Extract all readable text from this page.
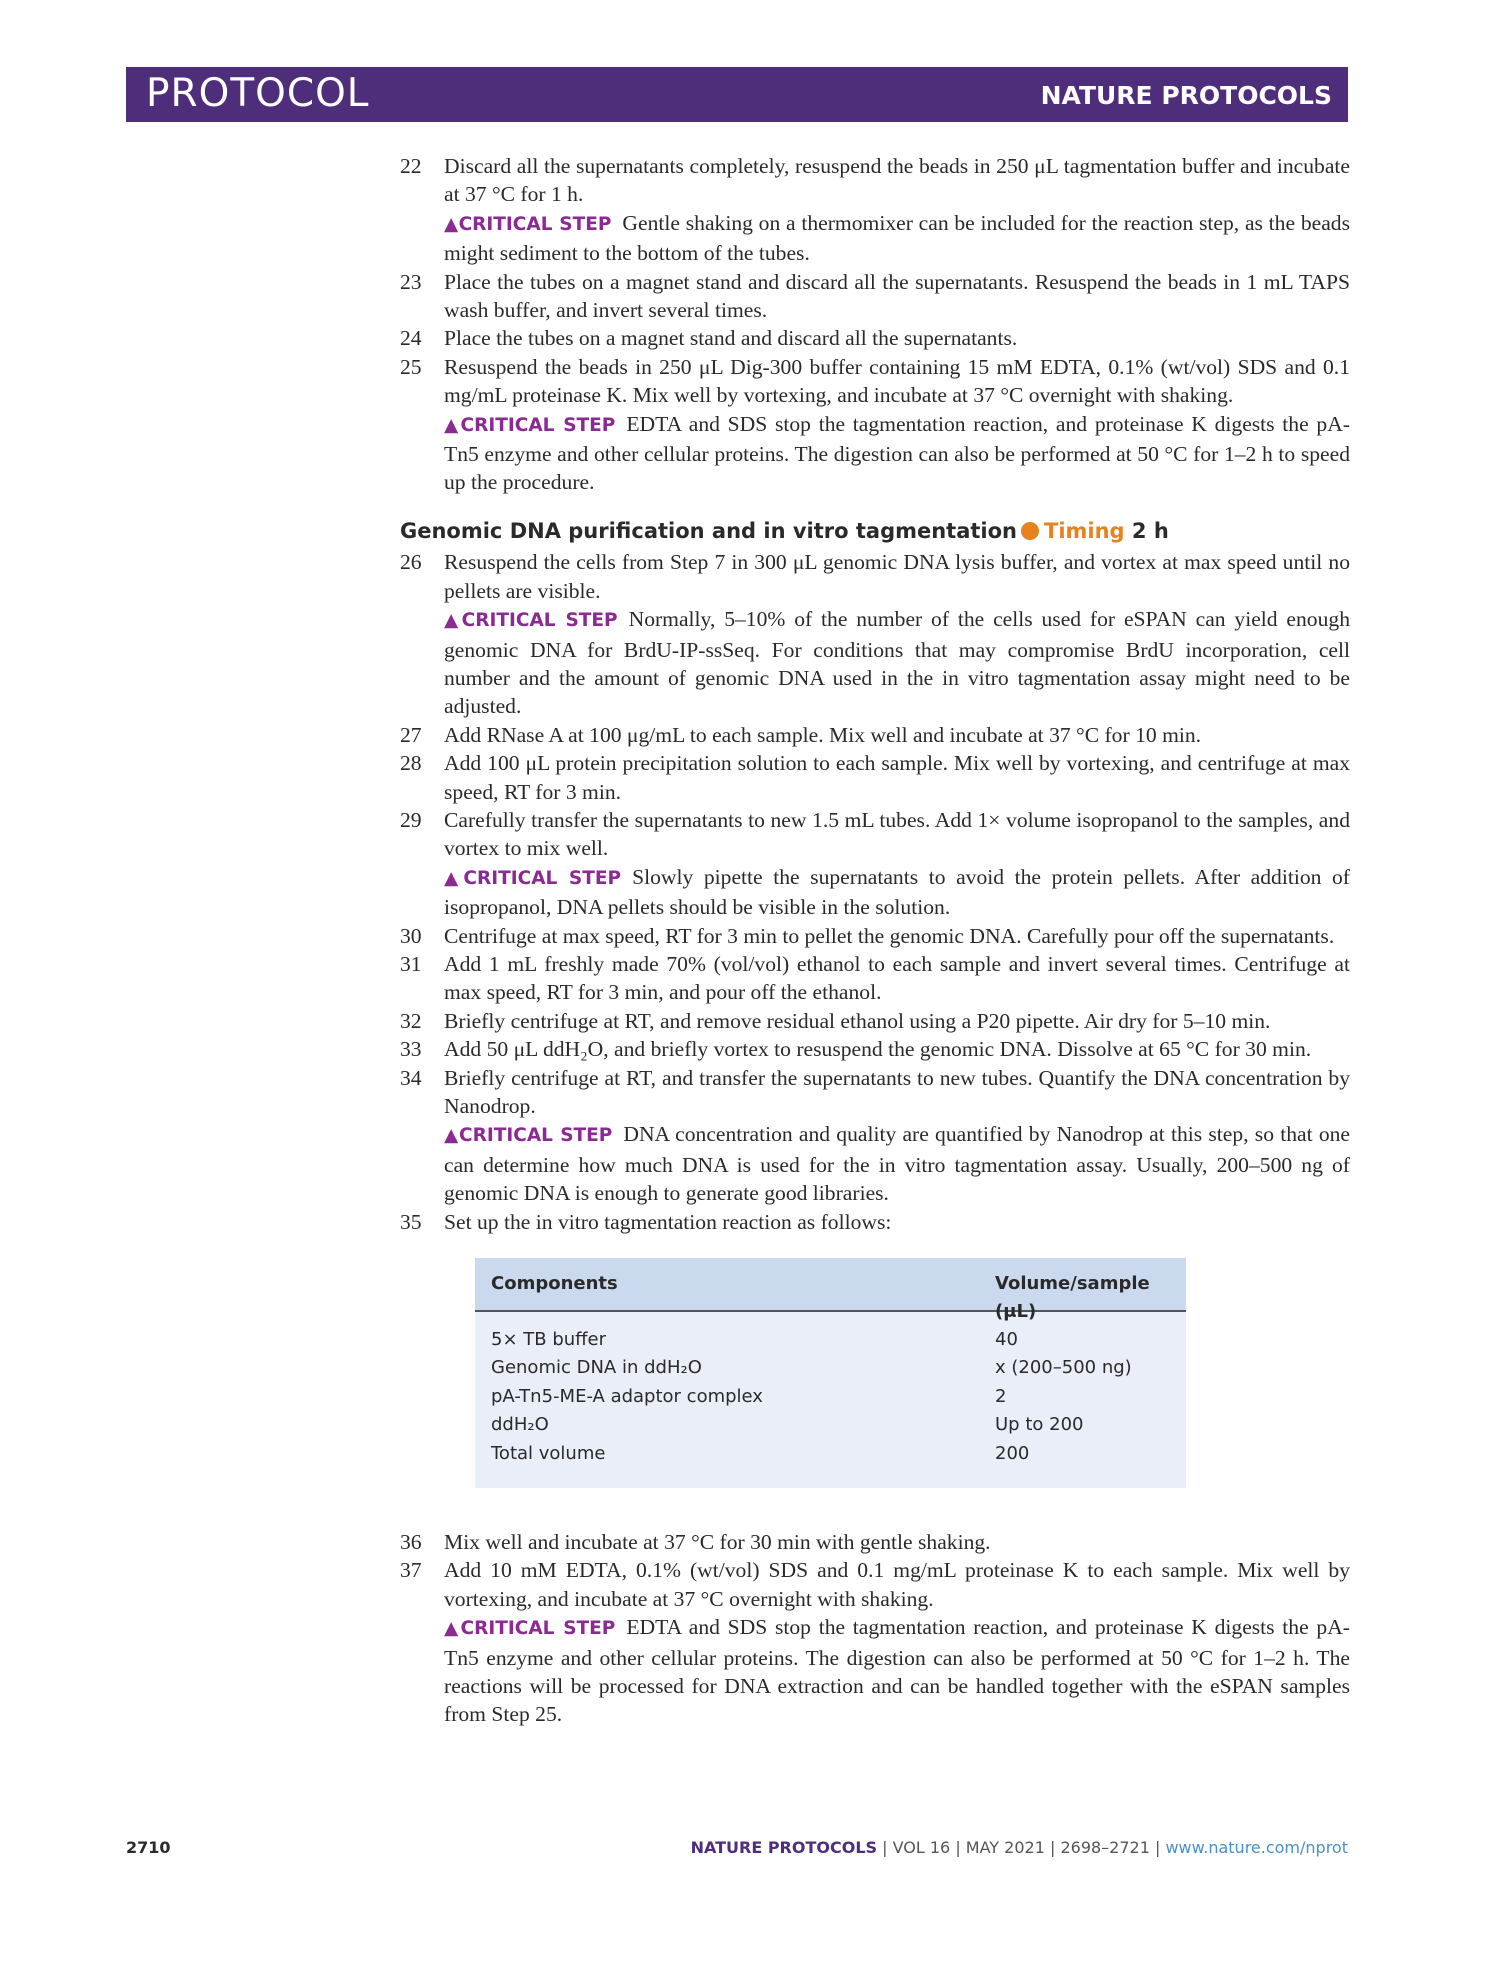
PROTOCOL	NATURE PROTOCOLS
22 Discard all the supernatants completely, resuspend the beads in 250 μL tagmentation buffer and incubate at 37 °C for 1 h.
▲CRITICAL STEP Gentle shaking on a thermomixer can be included for the reaction step, as the beads might sediment to the bottom of the tubes.
23 Place the tubes on a magnet stand and discard all the supernatants. Resuspend the beads in 1 mL TAPS wash buffer, and invert several times.
24 Place the tubes on a magnet stand and discard all the supernatants.
25 Resuspend the beads in 250 μL Dig-300 buffer containing 15 mM EDTA, 0.1% (wt/vol) SDS and 0.1 mg/mL proteinase K. Mix well by vortexing, and incubate at 37 °C overnight with shaking.
▲CRITICAL STEP EDTA and SDS stop the tagmentation reaction, and proteinase K digests the pA-Tn5 enzyme and other cellular proteins. The digestion can also be performed at 50 °C for 1–2 h to speed up the procedure.
Genomic DNA purification and in vitro tagmentation Timing 2 h
26 Resuspend the cells from Step 7 in 300 μL genomic DNA lysis buffer, and vortex at max speed until no pellets are visible.
▲CRITICAL STEP Normally, 5–10% of the number of the cells used for eSPAN can yield enough genomic DNA for BrdU-IP-ssSeq. For conditions that may compromise BrdU incorporation, cell number and the amount of genomic DNA used in the in vitro tagmentation assay might need to be adjusted.
27 Add RNase A at 100 μg/mL to each sample. Mix well and incubate at 37 °C for 10 min.
28 Add 100 μL protein precipitation solution to each sample. Mix well by vortexing, and centrifuge at max speed, RT for 3 min.
29 Carefully transfer the supernatants to new 1.5 mL tubes. Add 1× volume isopropanol to the samples, and vortex to mix well.
▲CRITICAL STEP Slowly pipette the supernatants to avoid the protein pellets. After addition of isopropanol, DNA pellets should be visible in the solution.
30 Centrifuge at max speed, RT for 3 min to pellet the genomic DNA. Carefully pour off the supernatants.
31 Add 1 mL freshly made 70% (vol/vol) ethanol to each sample and invert several times. Centrifuge at max speed, RT for 3 min, and pour off the ethanol.
32 Briefly centrifuge at RT, and remove residual ethanol using a P20 pipette. Air dry for 5–10 min.
33 Add 50 μL ddH₂O, and briefly vortex to resuspend the genomic DNA. Dissolve at 65 °C for 30 min.
34 Briefly centrifuge at RT, and transfer the supernatants to new tubes. Quantify the DNA concentration by Nanodrop.
▲CRITICAL STEP DNA concentration and quality are quantified by Nanodrop at this step, so that one can determine how much DNA is used for the in vitro tagmentation assay. Usually, 200–500 ng of genomic DNA is enough to generate good libraries.
35 Set up the in vitro tagmentation reaction as follows:
Components	Volume/sample (μL)
5× TB buffer	40
Genomic DNA in ddH₂O	x (200–500 ng)
pA-Tn5-ME-A adaptor complex	2
ddH₂O	Up to 200
Total volume	200
36 Mix well and incubate at 37 °C for 30 min with gentle shaking.
37 Add 10 mM EDTA, 0.1% (wt/vol) SDS and 0.1 mg/mL proteinase K to each sample. Mix well by vortexing, and incubate at 37 °C overnight with shaking.
▲CRITICAL STEP EDTA and SDS stop the tagmentation reaction, and proteinase K digests the pA-Tn5 enzyme and other cellular proteins. The digestion can also be performed at 50 °C for 1–2 h. The reactions will be processed for DNA extraction and can be handled together with the eSPAN samples from Step 25.
2710	NATURE PROTOCOLS | VOL 16 | MAY 2021 | 2698–2721 | www.nature.com/nprot
